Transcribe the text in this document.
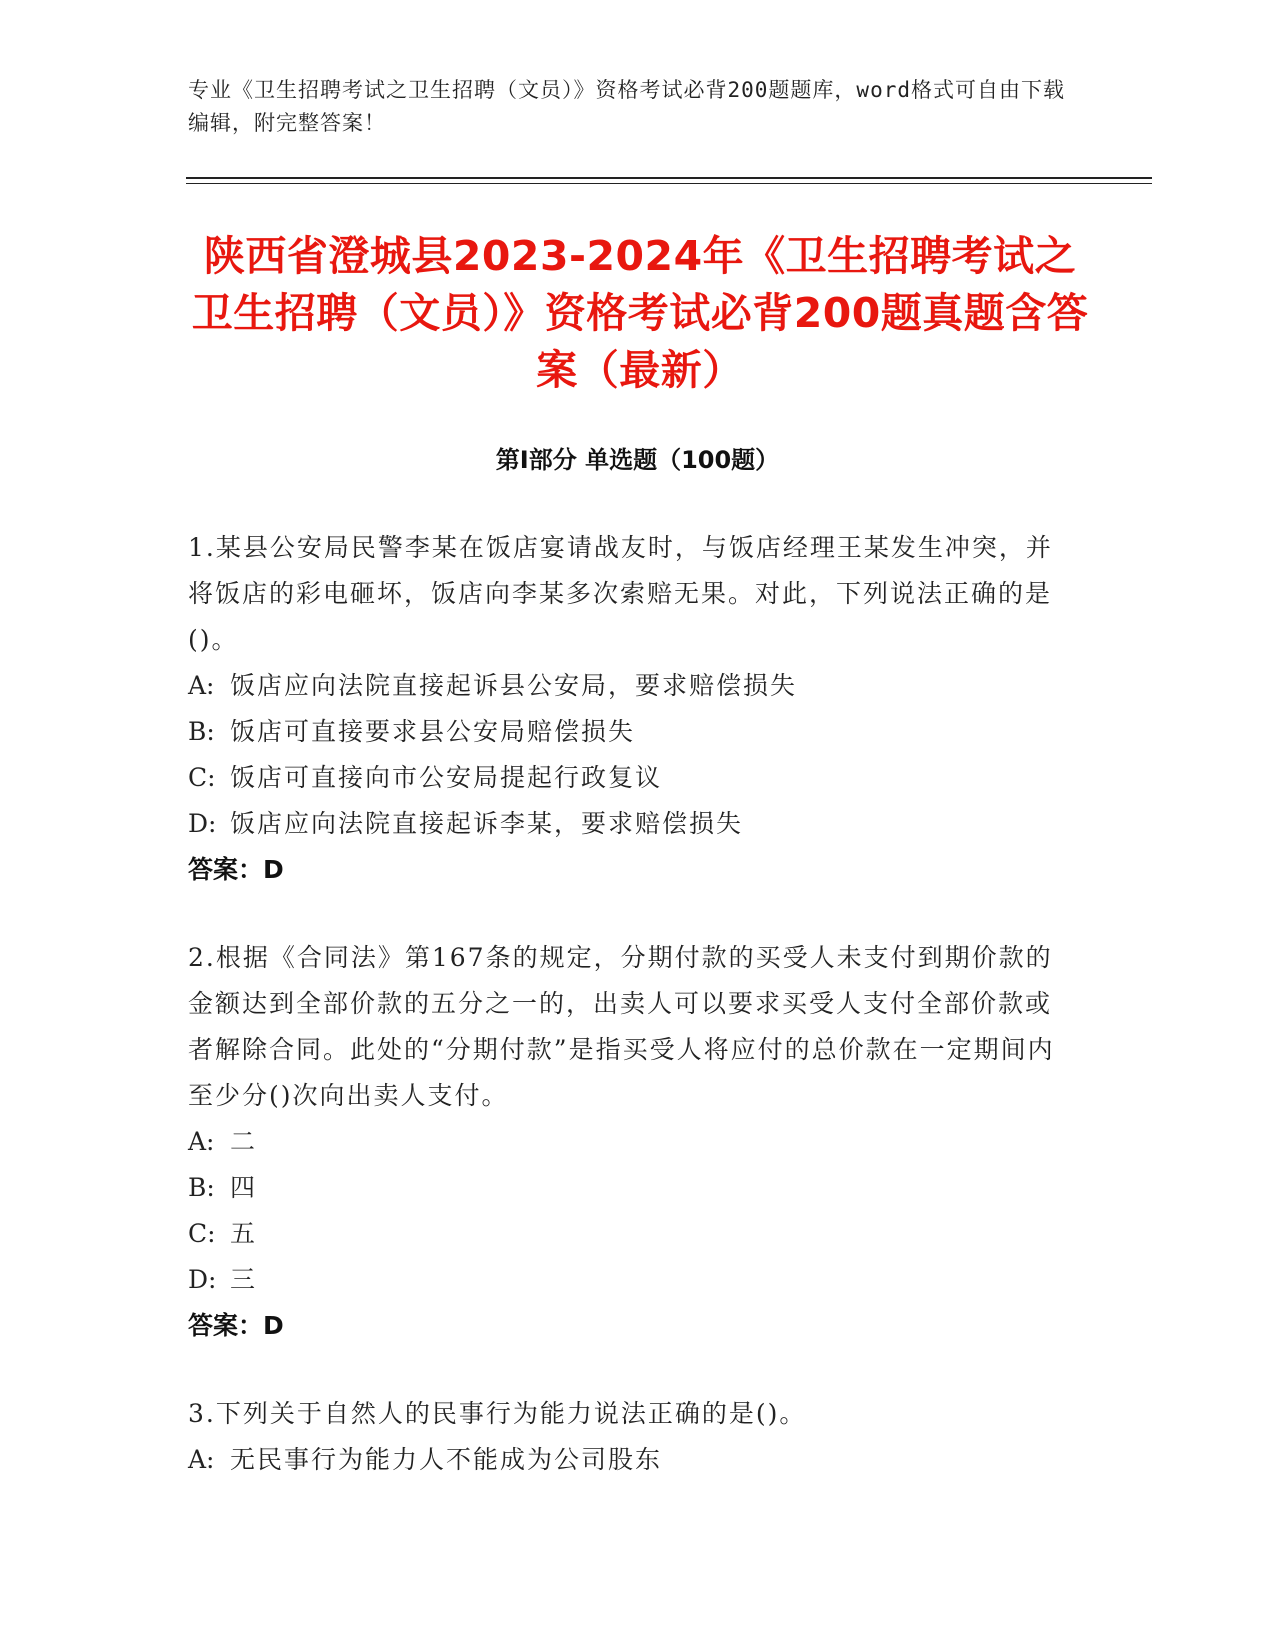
专业《卫生招聘考试之卫生招聘（文员）》资格考试必背200题题库，word格式可自由下载编辑，附完整答案！
陕西省澄城县2023-2024年《卫生招聘考试之卫生招聘（文员）》资格考试必背200题真题含答案（最新）
第Ⅰ部分 单选题（100题）
1.某县公安局民警李某在饭店宴请战友时，与饭店经理王某发生冲突，并将饭店的彩电砸坏，饭店向李某多次索赔无果。对此，下列说法正确的是()。
A: 饭店应向法院直接起诉县公安局，要求赔偿损失
B: 饭店可直接要求县公安局赔偿损失
C: 饭店可直接向市公安局提起行政复议
D: 饭店应向法院直接起诉李某，要求赔偿损失
答案：D
2.根据《合同法》第167条的规定，分期付款的买受人未支付到期价款的金额达到全部价款的五分之一的，出卖人可以要求买受人支付全部价款或者解除合同。此处的“分期付款”是指买受人将应付的总价款在一定期间内至少分()次向出卖人支付。
A: 二
B: 四
C: 五
D: 三
答案：D
3.下列关于自然人的民事行为能力说法正确的是()。
A: 无民事行为能力人不能成为公司股东
